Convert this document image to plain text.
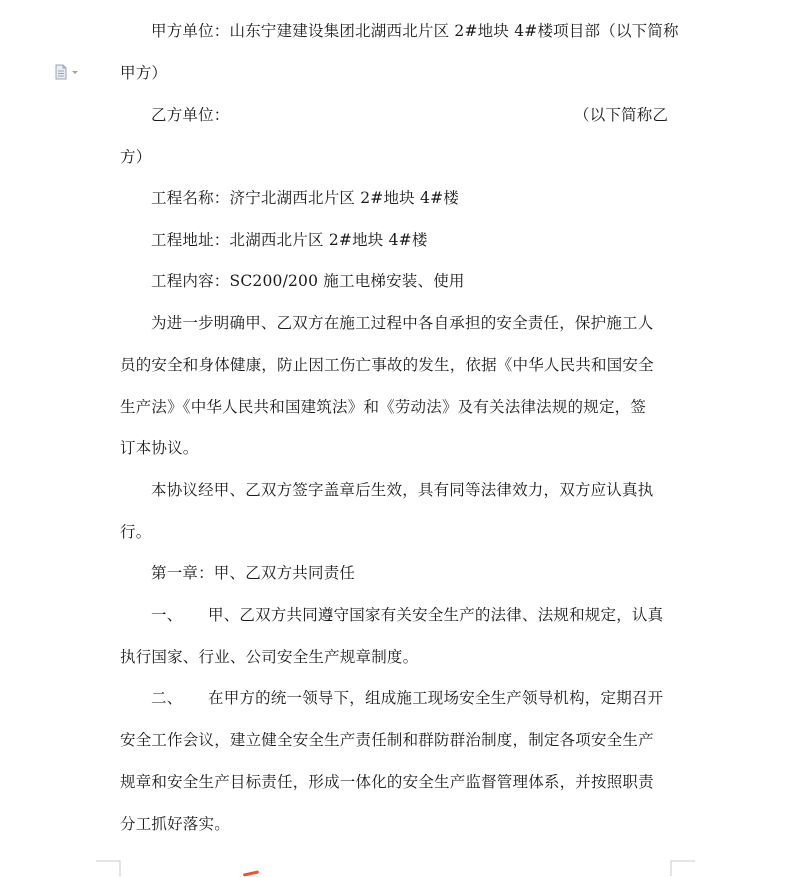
甲方单位：山东宁建建设集团北湖西北片区 2#地块 4#楼项目部（以下简称
甲方）
乙方单位：	（以下简称乙
方）
工程名称：济宁北湖西北片区 2#地块 4#楼
工程地址：北湖西北片区 2#地块 4#楼
工程内容：SC200/200 施工电梯安装、使用
为进一步明确甲、乙双方在施工过程中各自承担的安全责任，保护施工人
员的安全和身体健康，防止因工伤亡事故的发生，依据《中华人民共和国安全
生产法》《中华人民共和国建筑法》和《劳动法》及有关法律法规的规定，签
订本协议。
本协议经甲、乙双方签字盖章后生效，具有同等法律效力，双方应认真执
行。
第一章：甲、乙双方共同责任
一、 甲、乙双方共同遵守国家有关安全生产的法律、法规和规定，认真
执行国家、行业、公司安全生产规章制度。
二、 在甲方的统一领导下，组成施工现场安全生产领导机构，定期召开
安全工作会议，建立健全安全生产责任制和群防群治制度，制定各项安全生产
规章和安全生产目标责任，形成一体化的安全生产监督管理体系，并按照职责
分工抓好落实。
